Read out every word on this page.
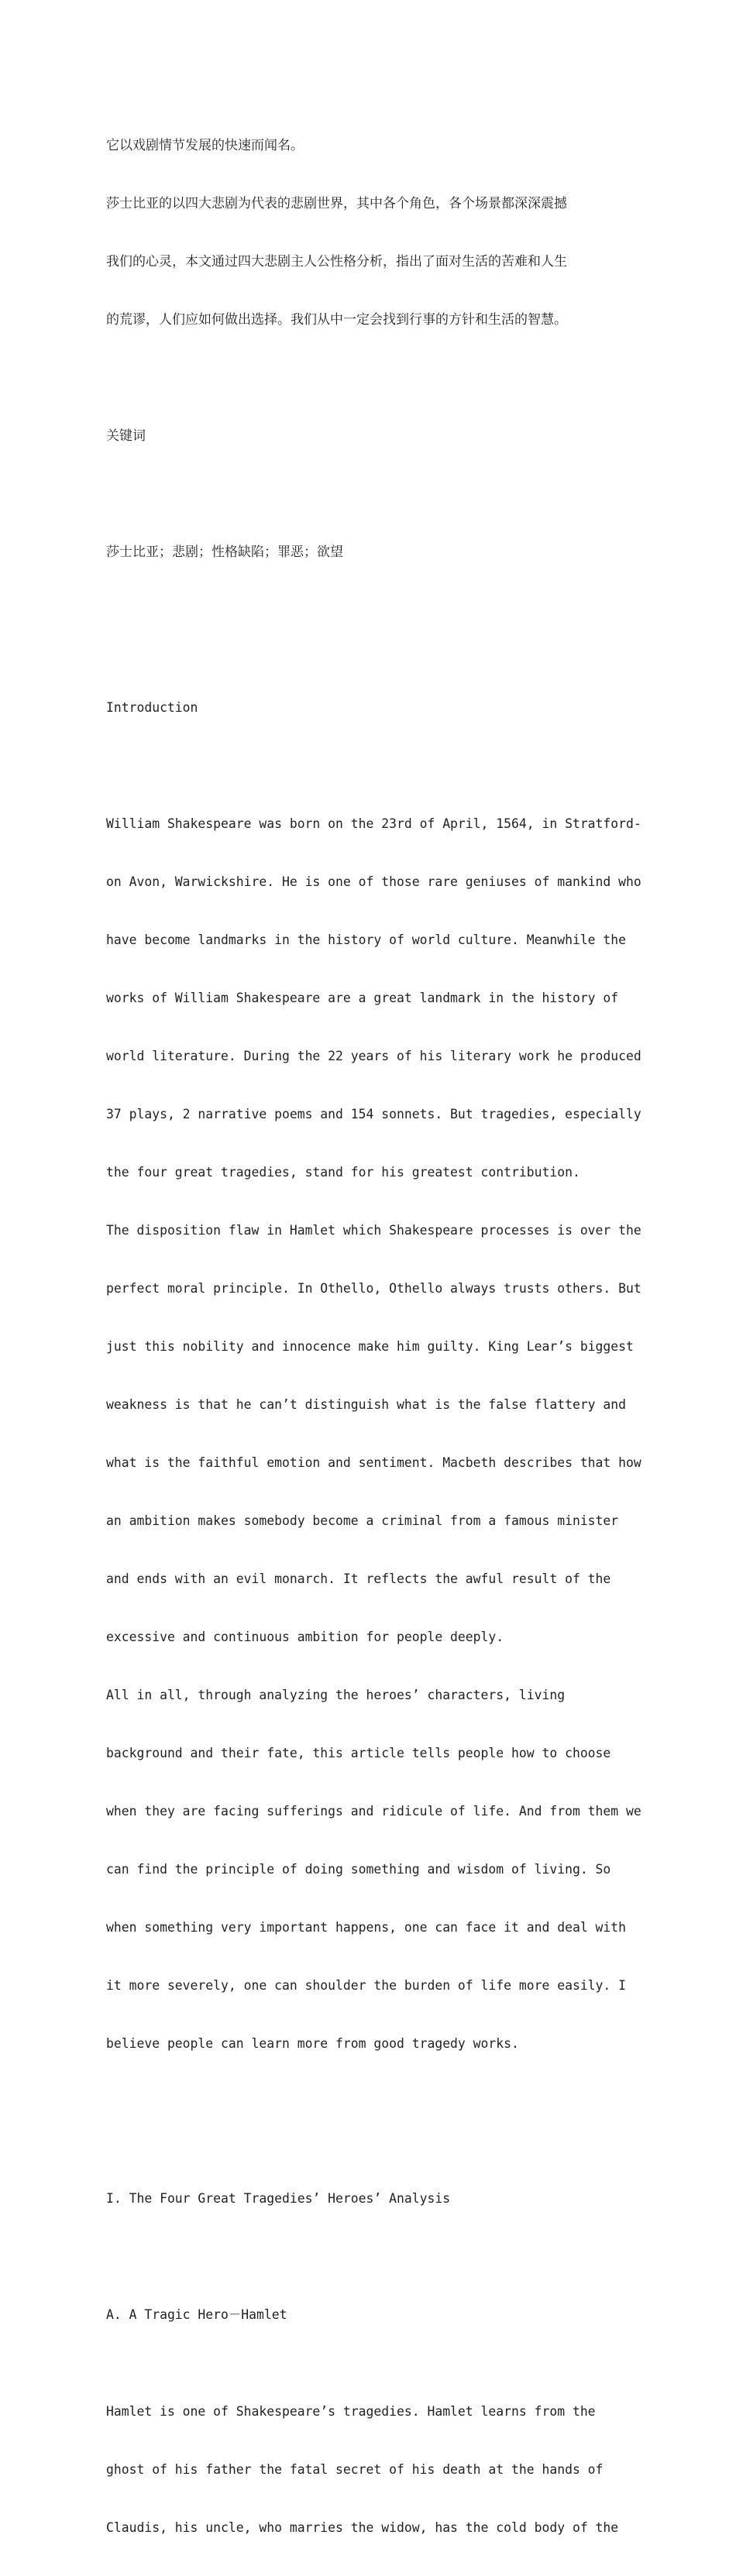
它以戏剧情节发展的快速而闻名。

莎士比亚的以四大悲剧为代表的悲剧世界，其中各个角色，各个场景都深深震撼

我们的心灵，本文通过四大悲剧主人公性格分析，指出了面对生活的苦难和人生

的荒谬，人们应如何做出选择。我们从中一定会找到行事的方针和生活的智慧。

关键词

莎士比亚；悲剧；性格缺陷；罪恶；欲望

Introduction

William Shakespeare was born on the 23rd of April, 1564, in Stratford-

on Avon, Warwickshire. He is one of those rare geniuses of mankind who

have become landmarks in the history of world culture. Meanwhile the

works of William Shakespeare are a great landmark in the history of

world literature. During the 22 years of his literary work he produced

37 plays, 2 narrative poems and 154 sonnets. But tragedies, especially

the four great tragedies, stand for his greatest contribution.

The disposition flaw in Hamlet which Shakespeare processes is over the

perfect moral principle. In Othello, Othello always trusts others. But

just this nobility and innocence make him guilty. King Lear’s biggest

weakness is that he can’t distinguish what is the false flattery and

what is the faithful emotion and sentiment. Macbeth describes that how

an ambition makes somebody become a criminal from a famous minister

and ends with an evil monarch. It reflects the awful result of the

excessive and continuous ambition for people deeply.

All in all, through analyzing the heroes’ characters, living

background and their fate, this article tells people how to choose

when they are facing sufferings and ridicule of life. And from them we

can find the principle of doing something and wisdom of living. So

when something very important happens, one can face it and deal with

it more severely, one can shoulder the burden of life more easily. I

believe people can learn more from good tragedy works.

I. The Four Great Tragedies’ Heroes’ Analysis

A. A Tragic Hero－Hamlet

Hamlet is one of Shakespeare’s tragedies. Hamlet learns from the

ghost of his father the fatal secret of his death at the hands of

Claudis, his uncle, who marries the widow, has the cold body of the
